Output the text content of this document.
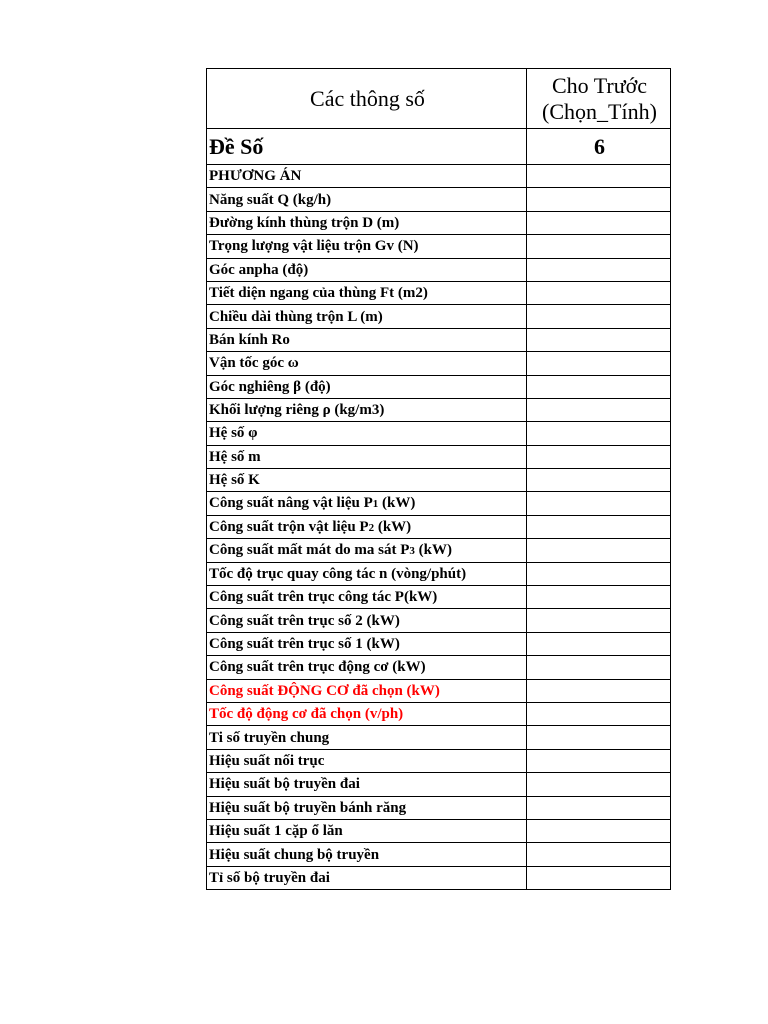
Các thông số	Cho Trước
(Chọn_Tính)

Đề Số	6
PHƯƠNG ÁN	
Năng suất Q (kg/h)	
Đường kính thùng trộn D (m)	
Trọng lượng vật liệu trộn Gv (N)	
Góc anpha (độ)	
Tiết diện ngang của thùng Ft (m2)	
Chiều dài thùng trộn L (m)	
Bán kính Ro	
Vận tốc góc ω	
Góc nghiêng β (độ)	
Khối lượng riêng ρ (kg/m3)	
Hệ số φ	
Hệ số m	
Hệ số K	
Công suất nâng vật liệu P1 (kW)	
Công suất trộn vật liệu P2 (kW)	
Công suất mất mát do ma sát P3 (kW)	
Tốc độ trục quay công tác n (vòng/phút)	
Công suất trên trục công tác P(kW)	
Công suất trên trục số 2 (kW)	
Công suất trên trục số 1 (kW)	
Công suất trên trục động cơ (kW)	
Công suất ĐỘNG CƠ đã chọn (kW)	
Tốc độ động cơ đã chọn (v/ph)	
Ti số truyền chung	
Hiệu suất nối trục	
Hiệu suất bộ truyền đai	
Hiệu suất bộ truyền bánh răng	
Hiệu suất 1 cặp ổ lăn	
Hiệu suất chung bộ truyền	
Tỉ số bộ truyền đai	
